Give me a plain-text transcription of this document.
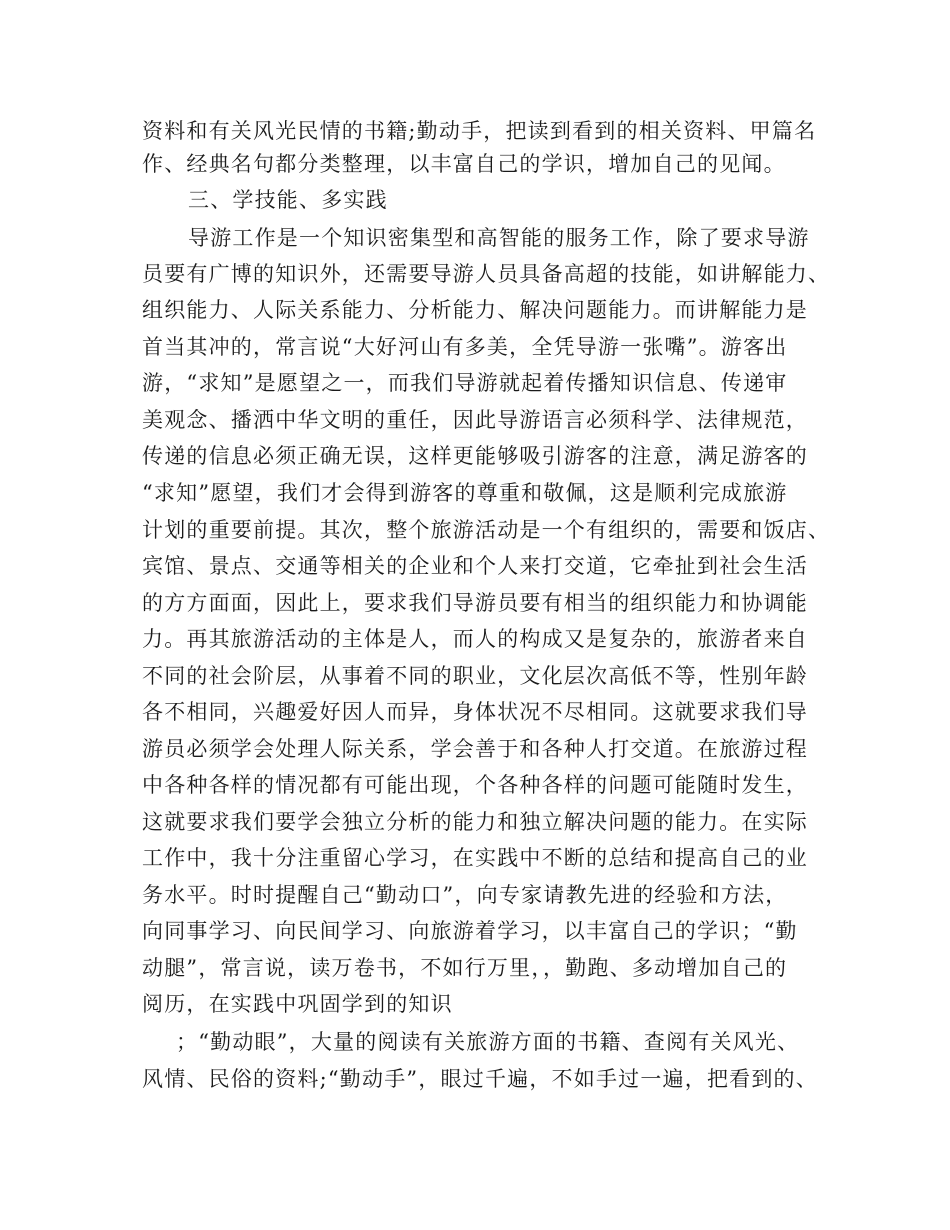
资料和有关风光民情的书籍;勤动手，把读到看到的相关资料、甲篇名
作、经典名句都分类整理，以丰富自己的学识，增加自己的见闻。
三、学技能、多实践
导游工作是一个知识密集型和高智能的服务工作，除了要求导游
员要有广博的知识外，还需要导游人员具备高超的技能，如讲解能力、
组织能力、人际关系能力、分析能力、解决问题能力。而讲解能力是
首当其冲的，常言说“大好河山有多美，全凭导游一张嘴”。游客出
游，“求知”是愿望之一，而我们导游就起着传播知识信息、传递审
美观念、播洒中华文明的重任，因此导游语言必须科学、法律规范，
传递的信息必须正确无误，这样更能够吸引游客的注意，满足游客的
“求知”愿望，我们才会得到游客的尊重和敬佩，这是顺利完成旅游
计划的重要前提。其次，整个旅游活动是一个有组织的，需要和饭店、
宾馆、景点、交通等相关的企业和个人来打交道，它牵扯到社会生活
的方方面面，因此上，要求我们导游员要有相当的组织能力和协调能
力。再其旅游活动的主体是人，而人的构成又是复杂的，旅游者来自
不同的社会阶层，从事着不同的职业，文化层次高低不等，性别年龄
各不相同，兴趣爱好因人而异，身体状况不尽相同。这就要求我们导
游员必须学会处理人际关系，学会善于和各种人打交道。在旅游过程
中各种各样的情况都有可能出现，个各种各样的问题可能随时发生，
这就要求我们要学会独立分析的能力和独立解决问题的能力。在实际
工作中，我十分注重留心学习，在实践中不断的总结和提高自己的业
务水平。时时提醒自己“勤动口”，向专家请教先进的经验和方法，
向同事学习、向民间学习、向旅游着学习，以丰富自己的学识；“勤
动腿”，常言说，读万卷书，不如行万里，，勤跑、多动增加自己的
阅历，在实践中巩固学到的知识
；“勤动眼”，大量的阅读有关旅游方面的书籍、查阅有关风光、
风情、民俗的资料;“勤动手”，眼过千遍，不如手过一遍，把看到的、
